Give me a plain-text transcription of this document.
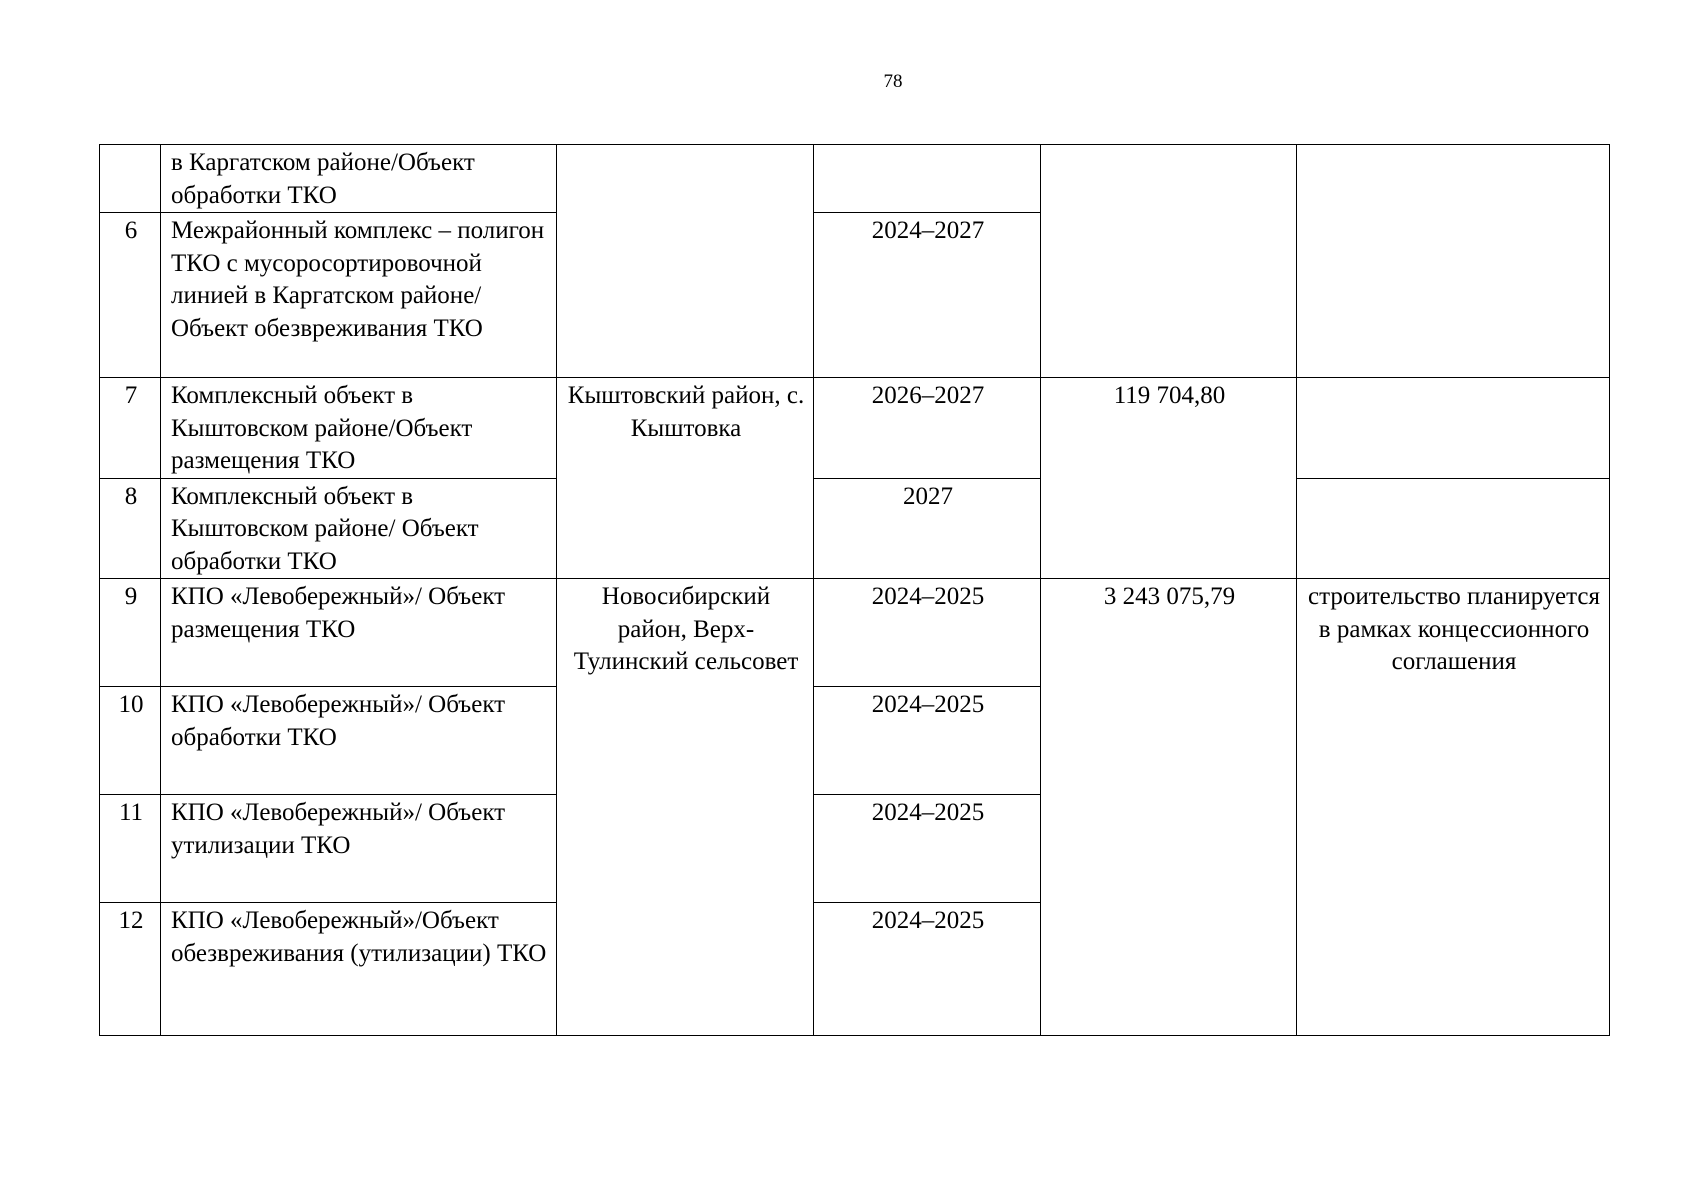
78
	в Каргатском районе/Объект обработки ТКО				
6	Межрайонный комплекс – полигон ТКО с мусоросортировочной линией в Каргатском районе/Объект обезвреживания ТКО		2024–2027		
7	Комплексный объект в Кыштовском районе/Объект размещения ТКО	Кыштовский район, с. Кыштовка	2026–2027	119 704,80	
8	Комплексный объект в Кыштовском районе/ Объект обработки ТКО		2027		
9	КПО «Левобережный»/ Объект размещения ТКО	Новосибирский район, Верх-Тулинский сельсовет	2024–2025	3 243 075,79	строительство планируется в рамках концессионного соглашения
10	КПО «Левобережный»/ Объект обработки ТКО		2024–2025		
11	КПО «Левобережный»/ Объект утилизации ТКО		2024–2025		
12	КПО «Левобережный»/Объект обезвреживания (утилизации) ТКО		2024–2025		
